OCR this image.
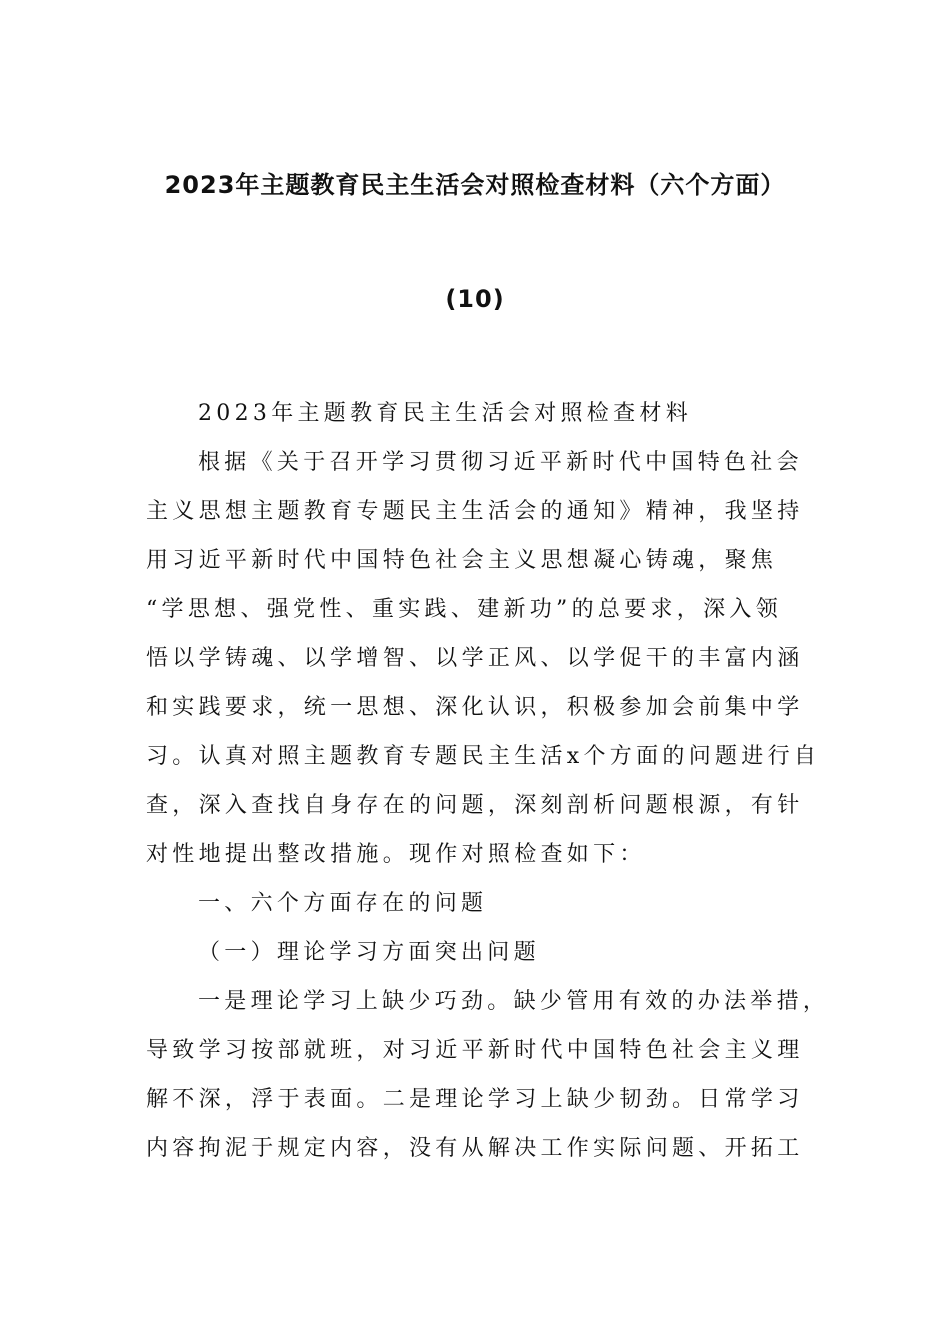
2023年主题教育民主生活会对照检查材料（六个方面）
(10)
2023年主题教育民主生活会对照检查材料
根据《关于召开学习贯彻习近平新时代中国特色社会
主义思想主题教育专题民主生活会的通知》精神，我坚持
用习近平新时代中国特色社会主义思想凝心铸魂，聚焦
“学思想、强党性、重实践、建新功”的总要求，深入领
悟以学铸魂、以学增智、以学正风、以学促干的丰富内涵
和实践要求，统一思想、深化认识，积极参加会前集中学
习。认真对照主题教育专题民主生活x个方面的问题进行自
查，深入查找自身存在的问题，深刻剖析问题根源，有针
对性地提出整改措施。现作对照检查如下：
一、六个方面存在的问题
（一）理论学习方面突出问题
一是理论学习上缺少巧劲。缺少管用有效的办法举措，
导致学习按部就班，对习近平新时代中国特色社会主义理
解不深，浮于表面。二是理论学习上缺少韧劲。日常学习
内容拘泥于规定内容，没有从解决工作实际问题、开拓工
